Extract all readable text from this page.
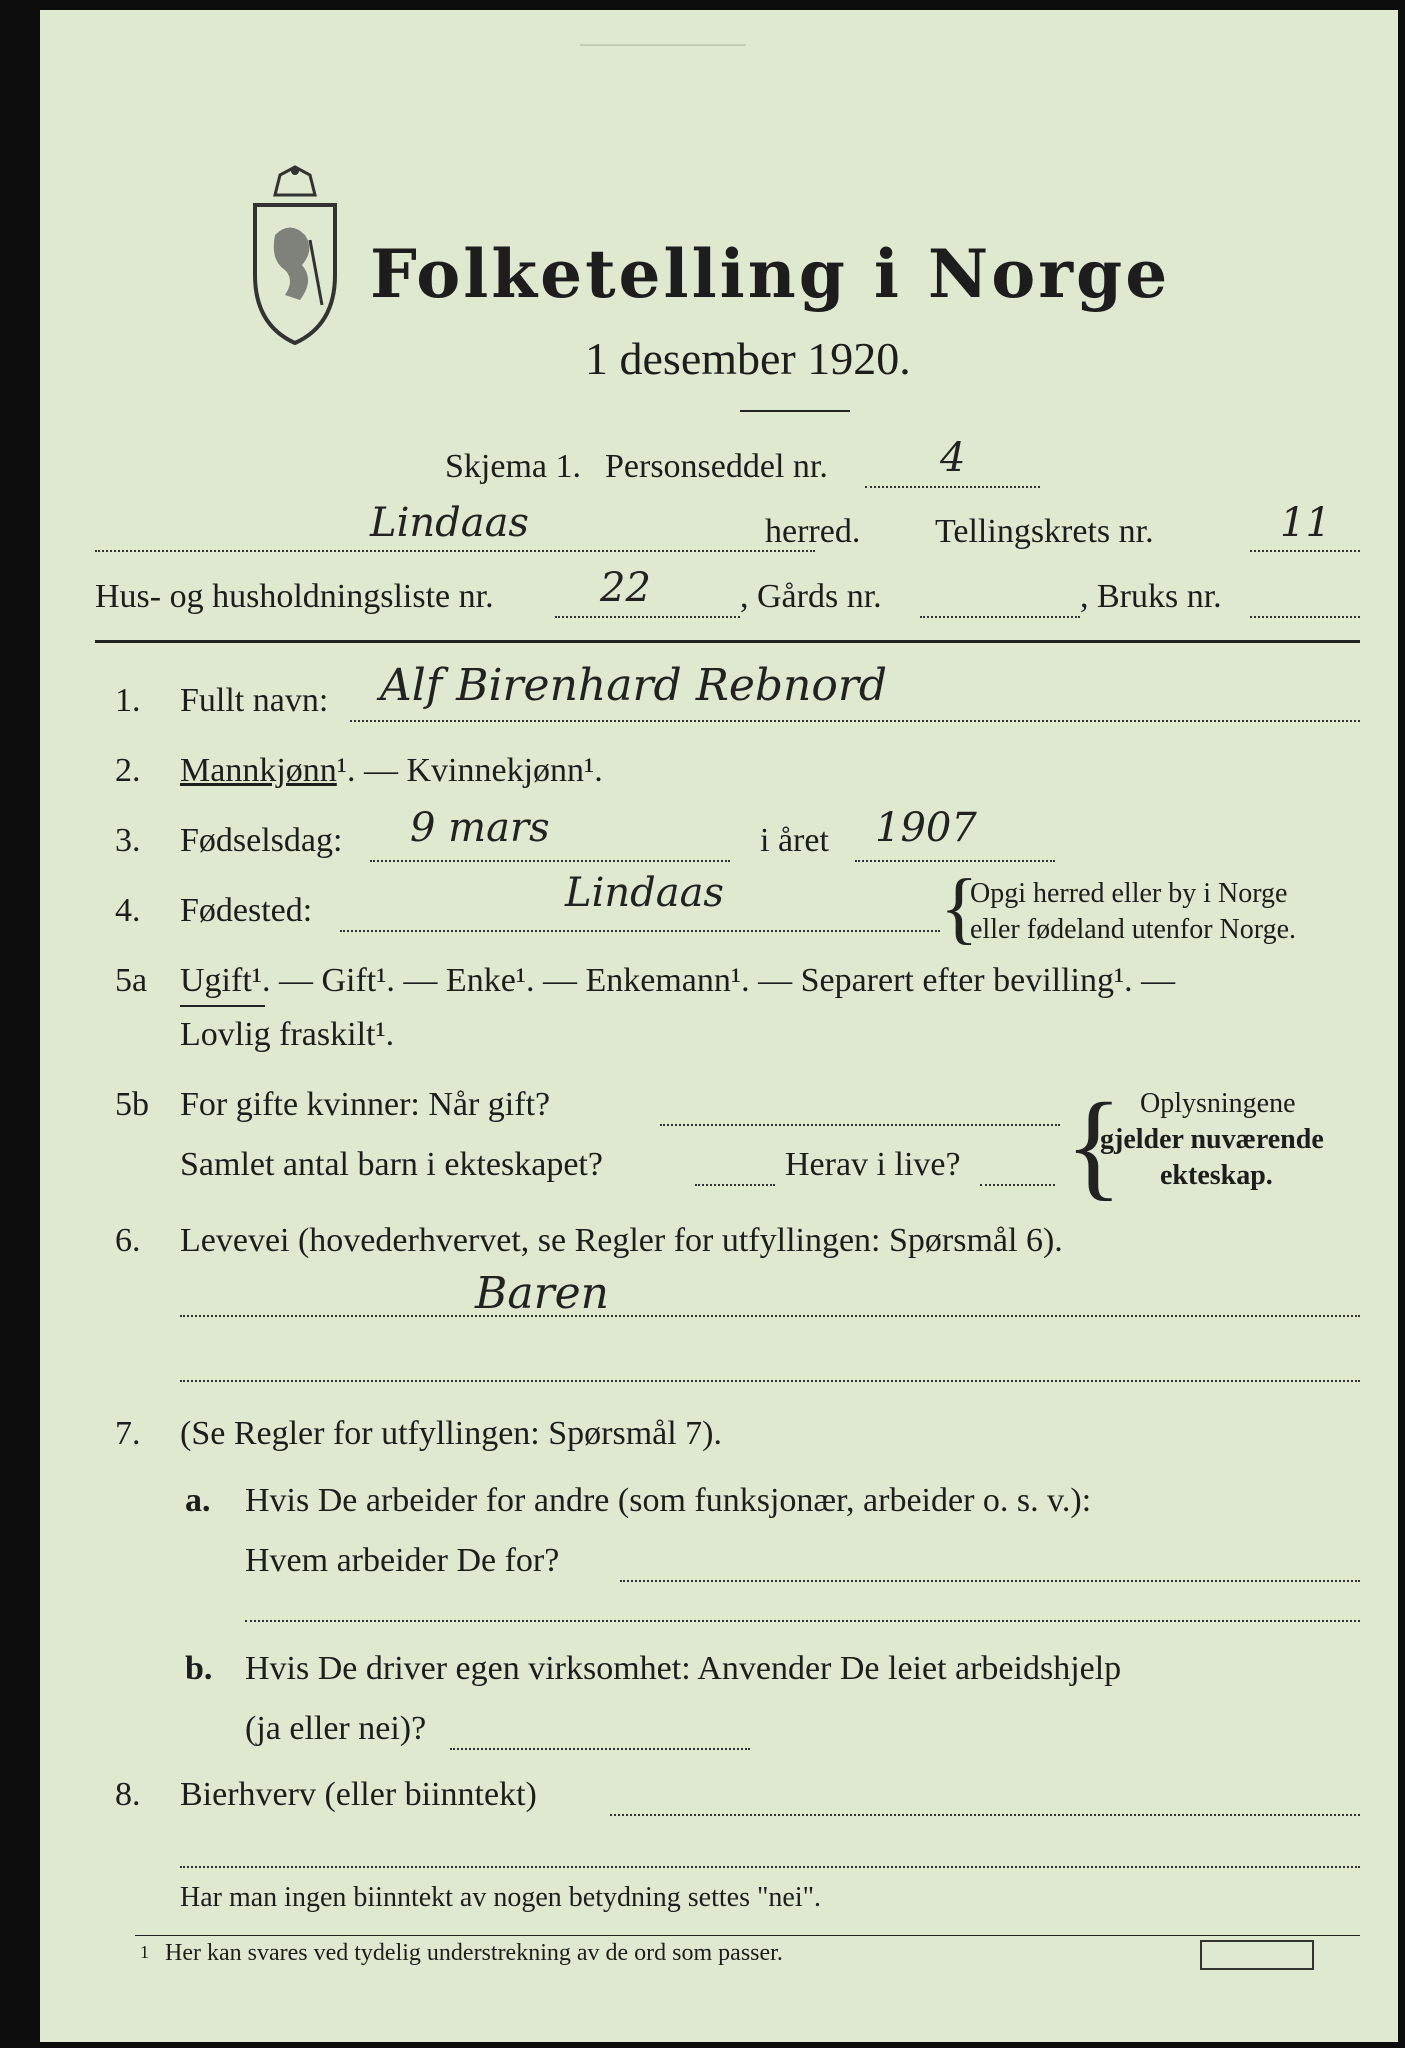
─────────
Folketelling i Norge
1 desember 1920.
Skjema 1. Personseddel nr.	4
Lindaas	herred. Tellingskrets nr.	11
Hus- og husholdningsliste nr.	22	, Gårds nr.	, Bruks nr.
1. Fullt navn: Alf Birenhard Rebnord
2. Mannkjønn¹. — Kvinnekjønn¹.
3. Fødselsdag: 9 mars	i året 1907
4. Fødested:	Lindaas	{
Opgi herred eller by i Norge
eller fødeland utenfor Norge.
5a Ugift¹. — Gift¹. — Enke¹. — Enkemann¹. — Separert efter bevilling¹. —
Lovlig fraskilt¹.
5b For gifte kvinner: Når gift?
Samlet antal barn i ekteskapet?	Herav i live? { Oplysningene
gjelder nuværende
ekteskap.
6. Levevei (hovederhvervet, se Regler for utfyllingen: Spørsmål 6).
Baren
7. (Se Regler for utfyllingen: Spørsmål 7).
a. Hvis De arbeider for andre (som funksjonær, arbeider o. s. v.):
Hvem arbeider De for?
b. Hvis De driver egen virksomhet: Anvender De leiet arbeidshjelp
(ja eller nei)?
8. Bierhverv (eller biinntekt)
Har man ingen biinntekt av nogen betydning settes "nei".
1 Her kan svares ved tydelig understrekning av de ord som passer.
